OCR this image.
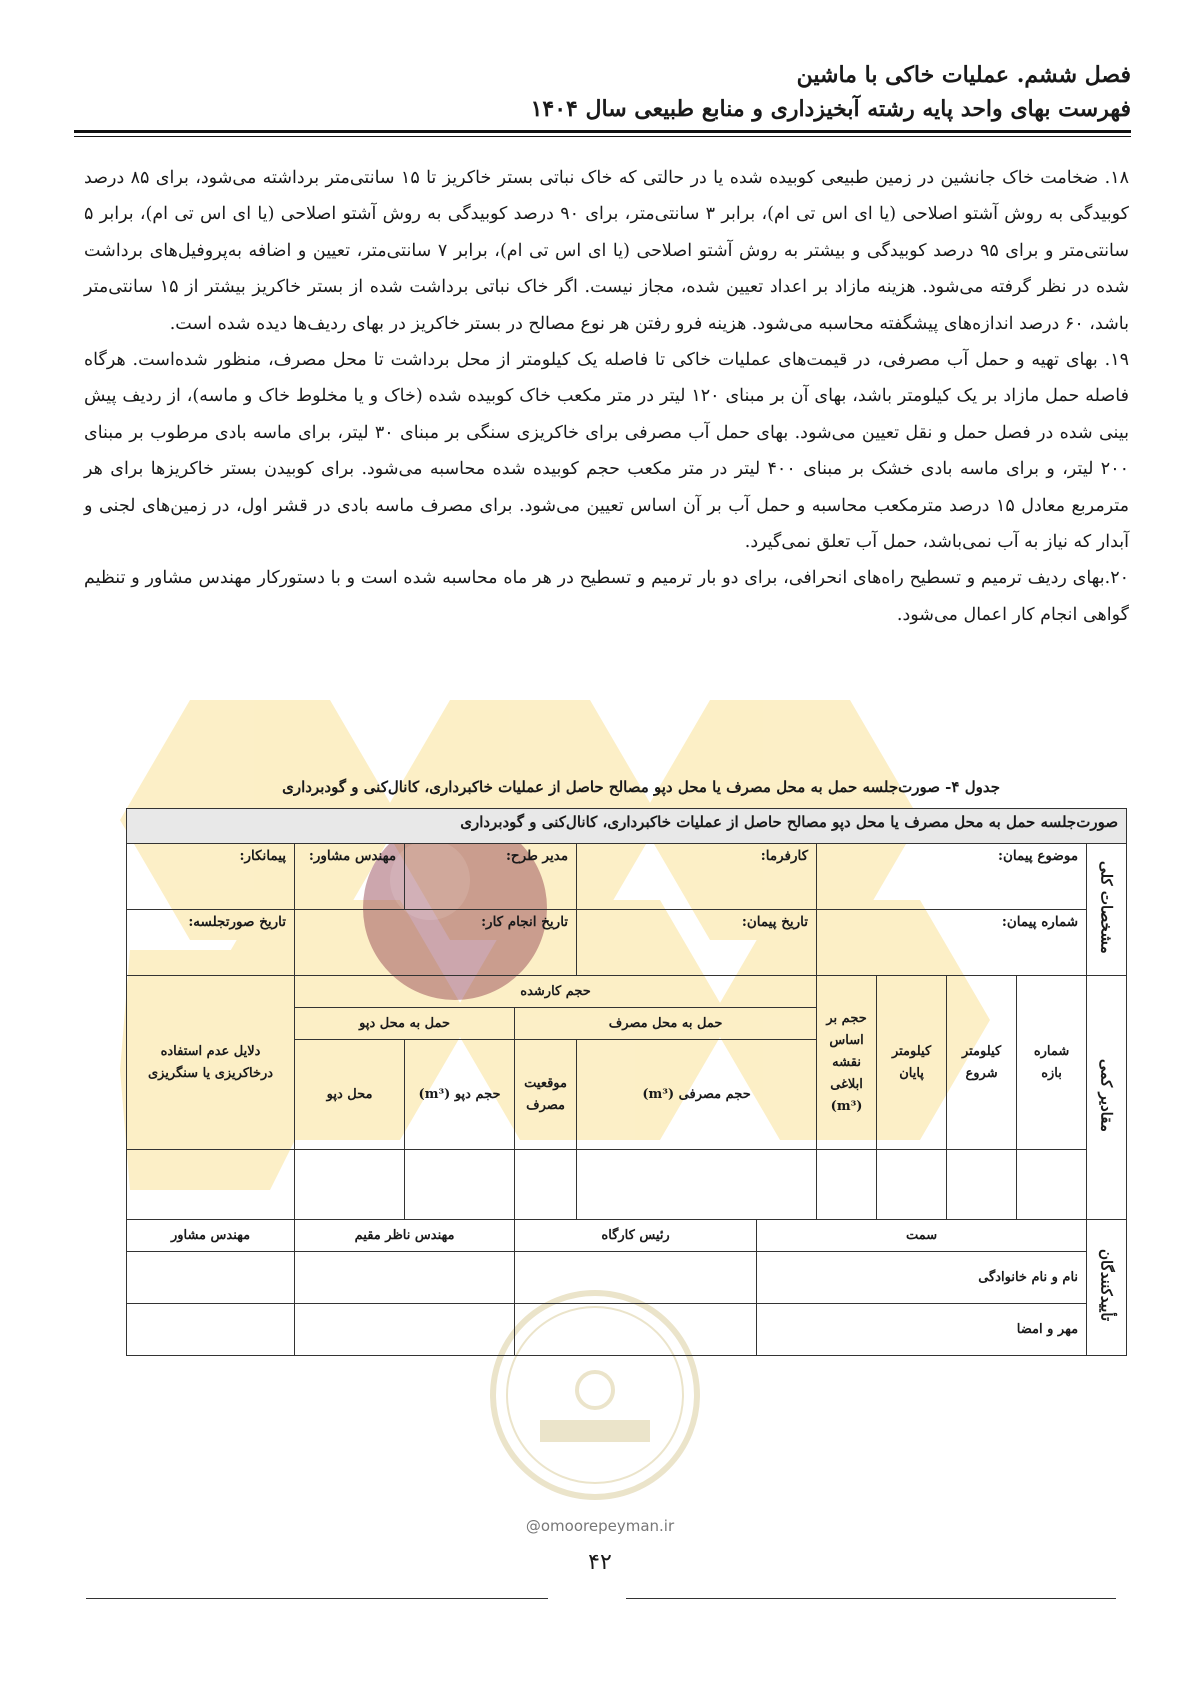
فصل ششم. عملیات خاکی با ماشین
فهرست بهای واحد پایه رشته آبخیزداری و منابع طبیعی سال ۱۴۰۴

۱۸. ضخامت خاک جانشین در زمین طبیعی کوبیده شده یا در حالتی که خاک نباتی بستر خاکریز تا ۱۵ سانتی‌متر برداشته می‌شود، برای ۸۵ درصد کوبیدگی به روش آشتو اصلاحی (یا ای اس تی ام)، برابر ۳ سانتی‌متر، برای ۹۰ درصد کوبیدگی به روش آشتو اصلاحی (یا ای اس تی ام)، برابر ۵ سانتی‌متر و برای ۹۵ درصد کوبیدگی و بیشتر به روش آشتو اصلاحی (یا ای اس تی ام)، برابر ۷ سانتی‌متر، تعیین و اضافه به‌پروفیل‌های برداشت شده در نظر گرفته می‌شود. هزینه مازاد بر اعداد تعیین شده، مجاز نیست. اگر خاک نباتی برداشت شده از بستر خاکریز بیشتر از ۱۵ سانتی‌متر باشد، ۶۰ درصد اندازه‌های پیشگفته محاسبه می‌شود. هزینه فرو رفتن هر نوع مصالح در بستر خاکریز در بهای ردیف‌ها دیده شده است.

۱۹. بهای تهیه و حمل آب مصرفی، در قیمت‌های عملیات خاکی تا فاصله یک کیلومتر از محل برداشت تا محل مصرف، منظور شده‌است. هرگاه فاصله حمل مازاد بر یک کیلومتر باشد، بهای آن بر مبنای ۱۲۰ لیتر در متر مکعب خاک کوبیده شده (خاک و یا مخلوط خاک و ماسه)، از ردیف پیش بینی شده در فصل حمل و نقل تعیین می‌شود. بهای حمل آب مصرفی برای خاکریزی سنگی بر مبنای ۳۰ لیتر، برای ماسه بادی مرطوب بر مبنای ۲۰۰ لیتر، و برای ماسه بادی خشک بر مبنای ۴۰۰ لیتر در متر مکعب حجم کوبیده شده محاسبه می‌شود. برای کوبیدن بستر خاکریزها برای هر مترمربع معادل ۱۵ درصد مترمکعب محاسبه و حمل آب بر آن اساس تعیین می‌شود. برای مصرف ماسه بادی در قشر اول، در زمین‌های لجنی و آبدار که نیاز به آب نمی‌باشد، حمل آب تعلق نمی‌گیرد.

۲۰.بهای ردیف ترمیم و تسطیح راه‌های انحرافی، برای دو بار ترمیم و تسطیح در هر ماه محاسبه شده است و با دستورکار مهندس مشاور و تنظیم گواهی انجام کار اعمال می‌شود.

جدول ۴- صورت‌جلسه حمل به محل مصرف یا محل دپو مصالح حاصل از عملیات خاکبرداری، کانال‌کنی و گودبرداری
صورت‌جلسه حمل به محل مصرف یا محل دپو مصالح حاصل از عملیات خاکبرداری، کانال‌کنی و گودبرداری										
مشخصات کلی	موضوع پیمان:				کارفرما:		مدیر طرح:		مهندس مشاور:	پیمانکار:
	شماره پیمان:				تاریخ پیمان:		تاریخ انجام کار:			تاریخ صورتجلسه:
مقادیر کمی	شماره بازه	کیلومتر شروع	کیلومتر پایان	حجم بر اساس نقشه ابلاغی (m³)	حجم کارشده					دلایل عدم استفاده درخاکریزی یا سنگریزی
					حمل به محل مصرف			حمل به محل دپو		
					حجم مصرفی (m³)		موقعیت مصرف	حجم دپو (m³)	محل دپو	

تأییدکنندگان	سمت					رئیس کارگاه		مهندس ناظر مقیم		مهندس مشاور
	نام و نام خانوادگی									
	مهر و امضا									
@omoorepeyman.ir
۴۲
